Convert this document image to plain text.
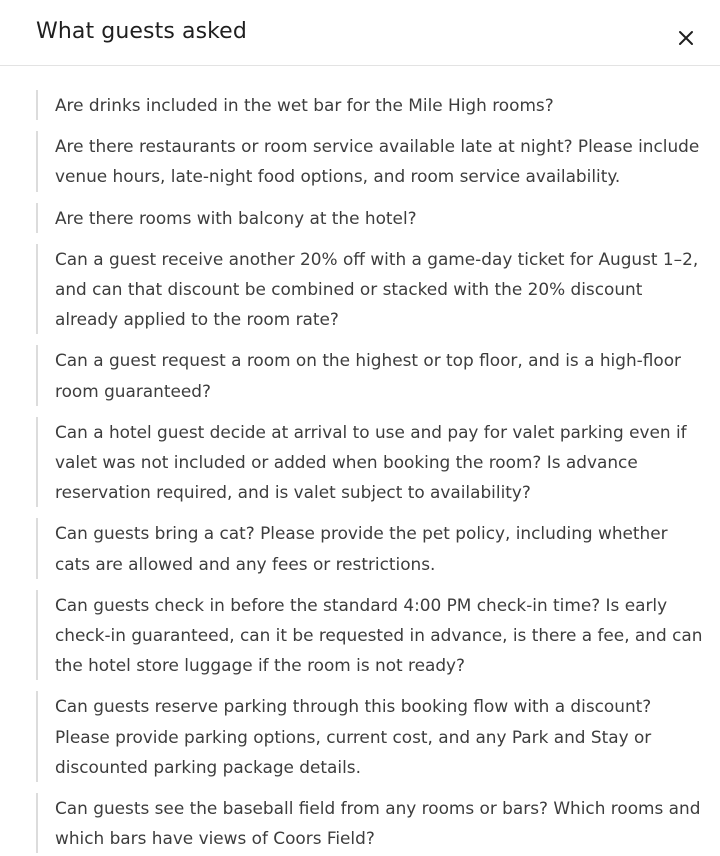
What guests asked
Are drinks included in the wet bar for the Mile High rooms?
Are there restaurants or room service available late at night? Please include venue hours, late-night food options, and room service availability.
Are there rooms with balcony at the hotel?
Can a guest receive another 20% off with a game-day ticket for August 1–2, and can that discount be combined or stacked with the 20% discount already applied to the room rate?
Can a guest request a room on the highest or top floor, and is a high-floor room guaranteed?
Can a hotel guest decide at arrival to use and pay for valet parking even if valet was not included or added when booking the room? Is advance reservation required, and is valet subject to availability?
Can guests bring a cat? Please provide the pet policy, including whether cats are allowed and any fees or restrictions.
Can guests check in before the standard 4:00 PM check-in time? Is early check-in guaranteed, can it be requested in advance, is there a fee, and can the hotel store luggage if the room is not ready?
Can guests reserve parking through this booking flow with a discount? Please provide parking options, current cost, and any Park and Stay or discounted parking package details.
Can guests see the baseball field from any rooms or bars? Which rooms and which bars have views of Coors Field?
